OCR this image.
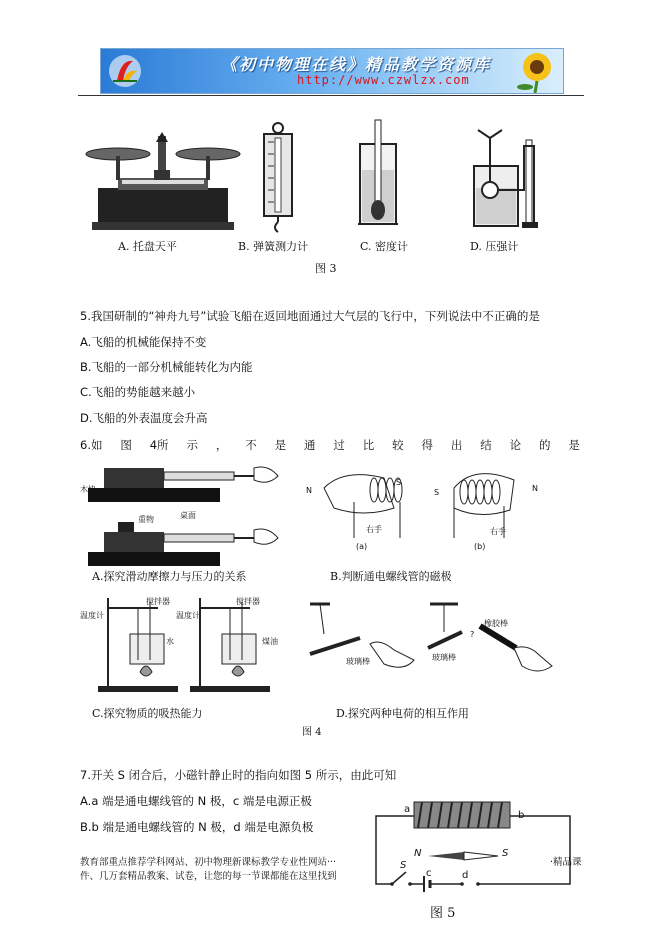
《初中物理在线》精品教学资源库
http://www.czwlzx.com
A. 托盘天平	B. 弹簧测力计	C. 密度计	D. 压强计
图 3
5.我国研制的“神舟九号”试验飞船在返回地面通过大气层的飞行中，下列说法中不正确的是
A.飞船的机械能保持不变
B.飞船的一部分机械能转化为内能
C.飞船的势能越来越小
D.飞船的外表温度会升高
6.如 图 4所 示 ， 不 是 通 过 比 较 得 出 结 论 的 是
木块
重物	桌面
A.探究滑动摩擦力与压力的关系
N
S
S	N
右手	右手
(a)	(b)
B.判断通电螺线管的磁极
搅拌器	搅拌器
温度计	温度计
水	煤油
C.探究物质的吸热能力
玻璃棒	玻璃棒
橡胶棒
?
D.探究两种电荷的相互作用
图 4
7.开关 S 闭合后，小磁针静止时的指向如图 5 所示，由此可知
A.a 端是通电螺线管的 N 极，c 端是电源正极
B.b 端是通电螺线管的 N 极，d 端是电源负极
a
b
N	S
S
c	d
图 5
教育部重点推荐学科网站、初中物理新课标教学专业性网站···	·精品课
件、几万套精品教案、试卷，让您的每一节课都能在这里找到
